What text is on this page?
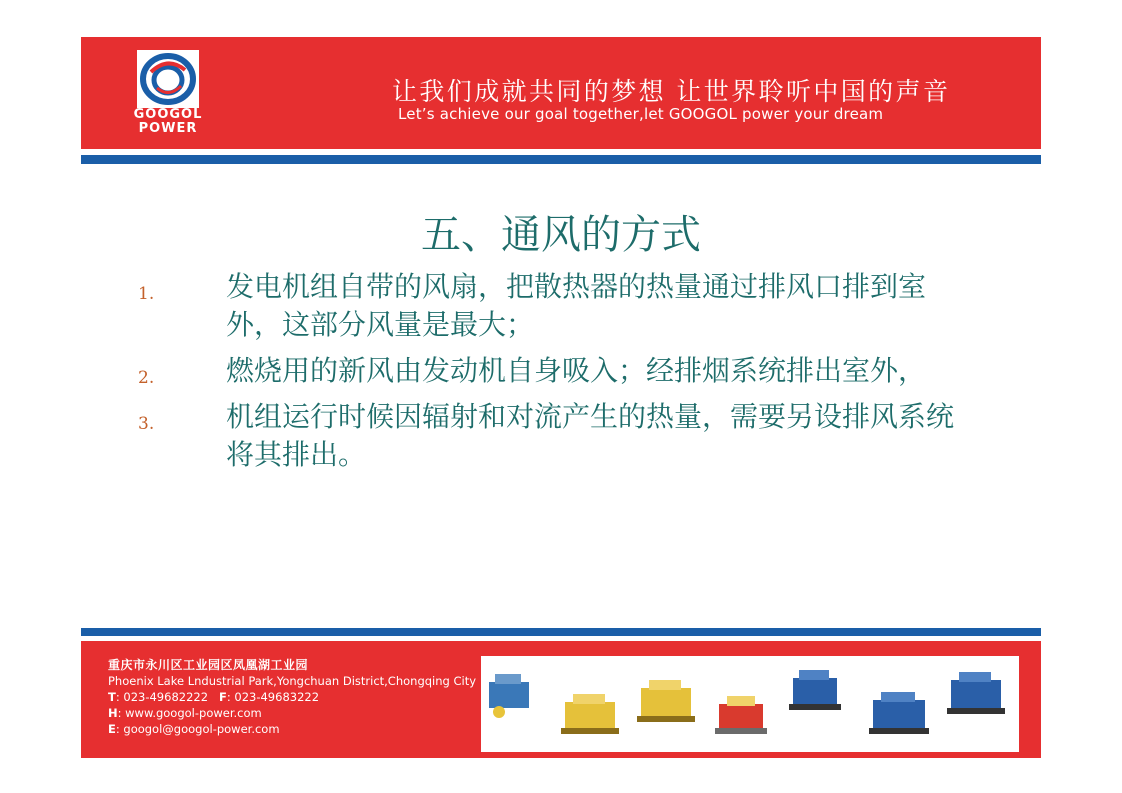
GOOGOL
POWER
让我们成就共同的梦想 让世界聆听中国的声音
Let’s achieve our goal together,let GOOGOL power your dream
五、通风的方式
1.	发电机组自带的风扇，把散热器的热量通过排风口排到室外，这部分风量是最大；
2.	燃烧用的新风由发动机自身吸入；经排烟系统排出室外，
3.	机组运行时候因辐射和对流产生的热量，需要另设排风系统将其排出。
重庆市永川区工业园区凤凰湖工业园
Phoenix Lake Lndustrial Park,Yongchuan District,Chongqing City
T: 023-49682222 F: 023-49683222
H: www.googol-power.com
E: googol@googol-power.com
